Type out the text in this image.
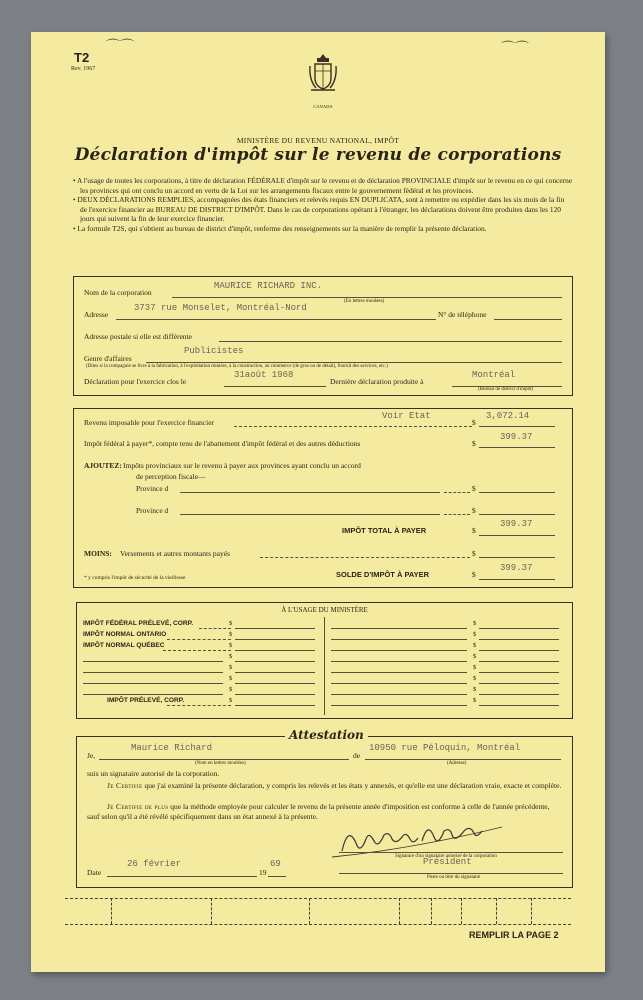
T2
Rev. 1967
⌒⌒	⌒⌒
CANADA
MINISTÈRE DU REVENU NATIONAL, IMPÔT
Déclaration d'impôt sur le revenu de corporations

• A l'usage de toutes les corporations, à titre de déclaration FÉDÉRALE d'impôt sur le revenu et de déclaration PROVINCIALE d'impôt sur le revenu en ce qui concerne les provinces qui ont conclu un accord en vertu de la Loi sur les arrangements fiscaux entre le gouvernement fédéral et les provinces.

• DEUX DÉCLARATIONS REMPLIES, accompagnées des états financiers et relevés requis EN DUPLICATA, sont à remettre ou expédier dans les six mois de la fin de l'exercice financier au BUREAU DE DISTRICT D'IMPÔT. Dans le cas de corporations opérant à l'étranger, les déclarations doivent être produites dans les 120 jours qui suivent la fin de leur exercice financier.

• La formule T2S, qui s'obtient au bureau de district d'impôt, renferme des renseignements sur la manière de remplir la présente déclaration.

Nom de la corporation
MAURICE RICHARD INC.
(En lettres moulées)
Adresse
3737 rue Monselet, Montréal-Nord
N° de téléphone
Adresse postale si elle est différente
Genre d'affaires
Publicistes
(Dites si la compagnie se livre à la fabrication, à l'exploitation minière, à la construction, au commerce (de gros ou de détail), fournit des services, etc.)
Déclaration pour l'exercice clos le
31août 1968
Dernière déclaration produite à
Montréal
(Bureau de district d'impôt)
Revenu imposable pour l'exercice financier
Voir Etat
$
3,072.14
Impôt fédéral à payer*, compte tenu de l'abattement d'impôt fédéral et des autres déductions	$
399.37
AJOUTEZ: Impôts provinciaux sur le revenu à payer aux provinces ayant conclu un accord
de perception fiscale—
Province d	$
Province d	$
IMPÔT TOTAL À PAYER	$
399.37
MOINS: Versements et autres montants payés	$
* y compris l'impôt de sécurité de la vieillesse	SOLDE D'IMPÔT À PAYER	$
399.37
À L'USAGE DU MINISTÈRE
IMPÔT FÉDÉRAL PRÉLEVÉ, CORP.	$	$
IMPÔT NORMAL ONTARIO	$	$
IMPÔT NORMAL QUÉBEC	$	$
$	$
$	$
$	$
$	$
IMPÔT PRÉLEVÉ, CORP.	$	$
Attestation
Je,
Maurice Richard
(Nom en lettres moulées)
de
10950 rue Péloquin, Montréal
(Adresse)
suis un signataire autorisé de la corporation.
Je Certifie que j'ai examiné la présente déclaration, y compris les relevés et les états y annexés, et qu'elle est une déclaration vraie, exacte et complète.
Je Certifie de plus que la méthode employée pour calculer le revenu de la présente année d'imposition est conforme à celle de l'année précédente, sauf selon qu'il a été révélé spécifiquement dans un état annexé à la présente.
Signature d'un signataire autorisé de la corporation
Date
26 février
19
69	Président
Poste ou titre du signataire
REMPLIR LA PAGE 2
